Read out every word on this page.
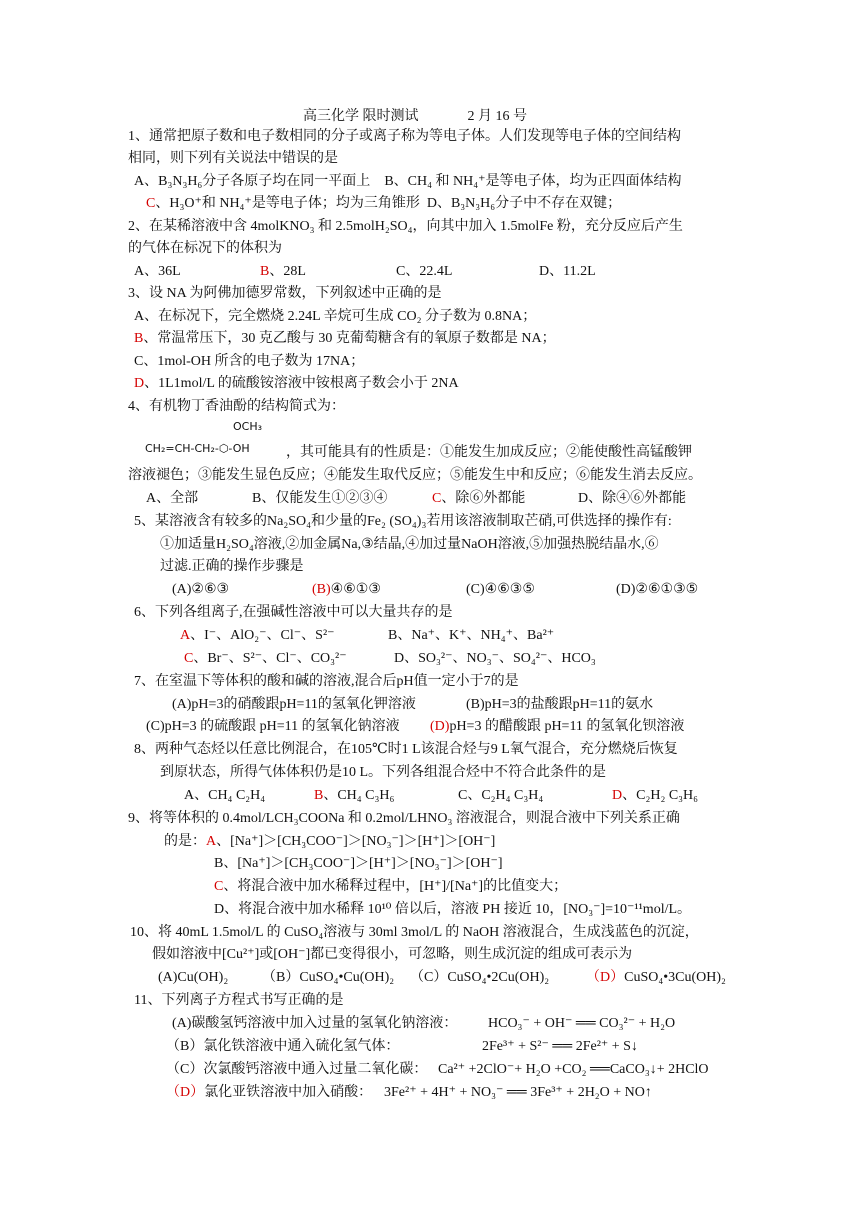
高三化学 限时测试	2 月 16 号
1、通常把原子数和电子数相同的分子或离子称为等电子体。人们发现等电子体的空间结构
相同，则下列有关说法中错误的是
A、B₃N₃H₆分子各原子均在同一平面上 B、CH₄ 和 NH₄⁺是等电子体，均为正四面体结构
C、H₃O⁺和 NH₄⁺是等电子体；均为三角锥形 D、B₃N₃H₆分子中不存在双键；
2、在某稀溶液中含 4molKNO₃ 和 2.5molH₂SO₄，向其中加入 1.5molFe 粉，充分反应后产生
的气体在标况下的体积为
A、36L	B、28L	C、22.4L	D、11.2L
3、设 NA 为阿佛加德罗常数，下列叙述中正确的是
A、在标况下，完全燃烧 2.24L 辛烷可生成 CO₂ 分子数为 0.8NA；
B、常温常压下，30 克乙酸与 30 克葡萄糖含有的氧原子数都是 NA；
C、1mol-OH 所含的电子数为 17NA；
D、1L1mol/L 的硫酸铵溶液中铵根离子数会小于 2NA
4、有机物丁香油酚的结构简式为：
OCH₃
CH₂=CH-CH₂-⬡-OH	，其可能具有的性质是：①能发生加成反应；②能使酸性高锰酸钾
溶液褪色；③能发生显色反应；④能发生取代反应；⑤能发生中和反应；⑥能发生消去反应。
A、全部	B、仅能发生①②③④	C、除⑥外都能	D、除④⑥外都能
5、某溶液含有较多的Na₂SO₄和少量的Fe₂ (SO₄)₃若用该溶液制取芒硝,可供选择的操作有:
①加适量H₂SO₄溶液,②加金属Na,③结晶,④加过量NaOH溶液,⑤加强热脱结晶水,⑥
过滤.正确的操作步骤是
(A)②⑥③	(B)④⑥①③	(C)④⑥③⑤	(D)②⑥①③⑤
6、下列各组离子,在强碱性溶液中可以大量共存的是
A、I⁻、AlO₂⁻、Cl⁻、S²⁻	B、Na⁺、K⁺、NH₄⁺、Ba²⁺
C、Br⁻、S²⁻、Cl⁻、CO₃²⁻	D、SO₃²⁻、NO₃⁻、SO₄²⁻、HCO₃
7、在室温下等体积的酸和碱的溶液,混合后pH值一定小于7的是
(A)pH=3的硝酸跟pH=11的氢氧化钾溶液	(B)pH=3的盐酸跟pH=11的氨水
(C)pH=3 的硫酸跟 pH=11 的氢氧化钠溶液 (D)pH=3 的醋酸跟 pH=11 的氢氧化钡溶液
8、两种气态烃以任意比例混合，在105℃时1 L该混合烃与9 L氧气混合，充分燃烧后恢复
到原状态，所得气体体积仍是10 L。下列各组混合烃中不符合此条件的是
A、CH₄ C₂H₄	B、CH₄ C₃H₆	C、C₂H₄ C₃H₄	D、C₂H₂ C₃H₆
9、将等体积的 0.4mol/LCH₃COONa 和 0.2mol/LHNO₃ 溶液混合，则混合液中下列关系正确
的是：A、[Na⁺]＞[CH₃COO⁻]＞[NO₃⁻]＞[H⁺]＞[OH⁻]
B、[Na⁺]＞[CH₃COO⁻]＞[H⁺]＞[NO₃⁻]＞[OH⁻]
C、将混合液中加水稀释过程中，[H⁺]/[Na⁺]的比值变大；
D、将混合液中加水稀释 10¹⁰ 倍以后，溶液 PH 接近 10，[NO₃⁻]=10⁻¹¹mol/L。
10、将 40mL 1.5mol/L 的 CuSO₄溶液与 30ml 3mol/L 的 NaOH 溶液混合，生成浅蓝色的沉淀，
假如溶液中[Cu²⁺]或[OH⁻]都已变得很小，可忽略，则生成沉淀的组成可表示为
(A)Cu(OH)₂ （B）CuSO₄•Cu(OH)₂ （C）CuSO₄•2Cu(OH)₂	（D）CuSO₄•3Cu(OH)₂
11、下列离子方程式书写正确的是
(A)碳酸氢钙溶液中加入过量的氢氧化钠溶液： HCO₃⁻ + OH⁻ ══ CO₃²⁻ + H₂O
（B）氯化铁溶液中通入硫化氢气体：	2Fe³⁺ + S²⁻ ══ 2Fe²⁺ + S↓
（C）次氯酸钙溶液中通入过量二氧化碳： Ca²⁺ +2ClO⁻+ H₂O +CO₂ ══CaCO₃↓+ 2HClO
（D）氯化亚铁溶液中加入硝酸： 3Fe²⁺ + 4H⁺ + NO₃⁻ ══ 3Fe³⁺ + 2H₂O + NO↑
